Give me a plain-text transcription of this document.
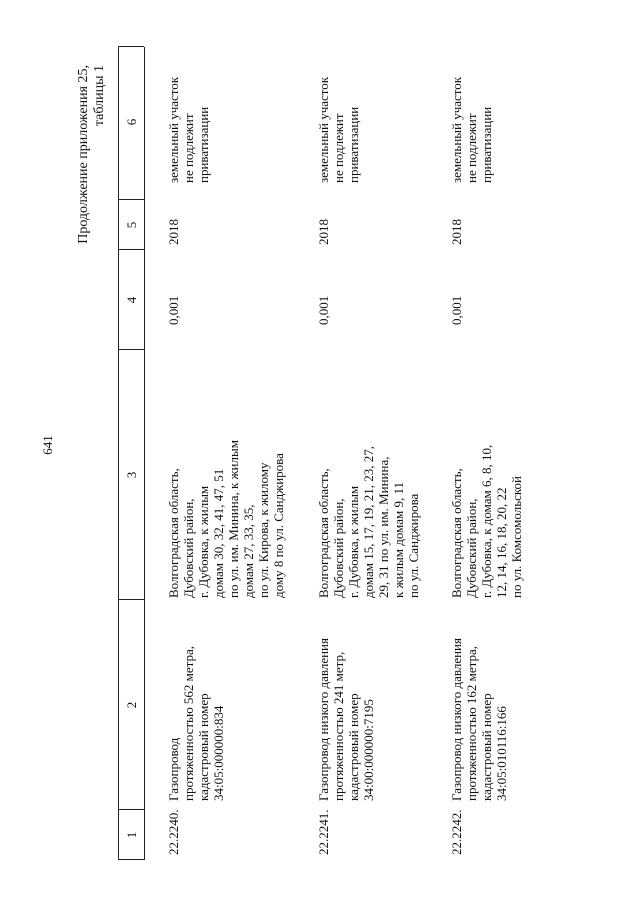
641
Продолжение приложения 25, таблицы 1
1
2
3
4
5
6
22.2240.
Газопровод
протяженностью 562 метра,
кадастровый номер
34:05:000000:834
Волгоградская область,
Дубовский район,
г. Дубовка, к жилым
домам 30, 32, 41, 47, 51
по ул. им. Минина, к жилым
домам 27, 33, 35,
по ул. Кирова, к жилому
дому 8 по ул. Санджирова
0,001
2018
земельный участок
не подлежит
приватизации
22.2241.
Газопровод низкого давления
протяженностью 241 метр,
кадастровый номер
34:00:000000:7195
Волгоградская область,
Дубовский район,
г. Дубовка, к жилым
домам 15, 17, 19, 21, 23, 27,
29, 31 по ул. им. Минина,
к жилым домам 9, 11
по ул. Санджирова
0,001
2018
земельный участок
не подлежит
приватизации
22.2242.
Газопровод низкого давления
протяженностью 162 метра,
кадастровый номер
34:05:010116:166
Волгоградская область,
Дубовский район,
г. Дубовка, к домам 6, 8, 10,
12, 14, 16, 18, 20, 22
по ул. Комсомольской
0,001
2018
земельный участок
не подлежит
приватизации
